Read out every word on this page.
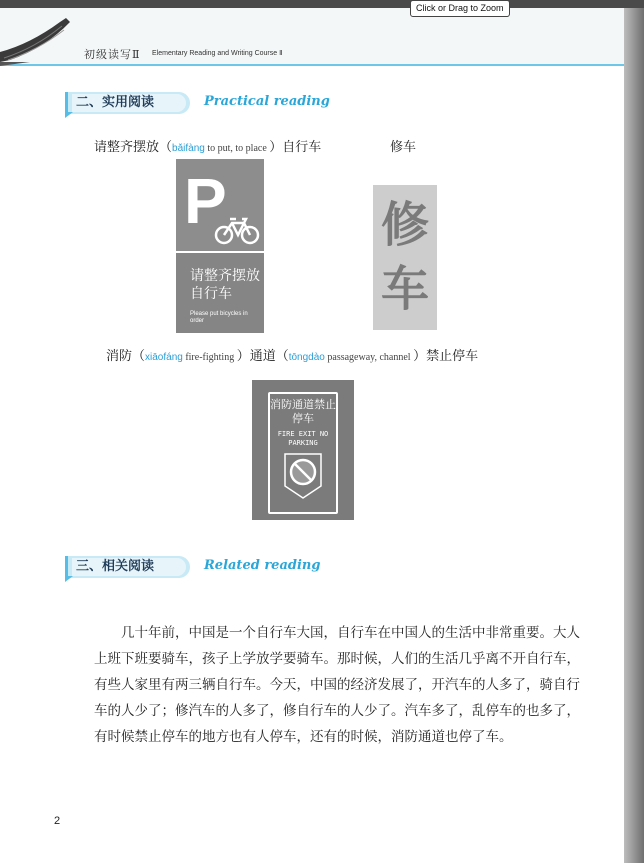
Click or Drag to Zoom
初级读写Ⅱ Elementary Reading and Writing Course Ⅱ
二、实用阅读	Practical reading
请整齐摆放（bǎifàng to put, to place ）自行车	修车
P
请整齐摆放自行车
Please put bicycles in order
修车
消防（xiāofáng fire-fighting ）通道（tōngdào passageway, channel ）禁止停车
消防通道禁止停车
FIRE EXIT NO PARKING
三、相关阅读	Related reading

几十年前，中国是一个自行车大国，自行车在中国人的生活中非常重要。大人上班下班要骑车，孩子上学放学要骑车。那时候，人们的生活几乎离不开自行车，有些人家里有两三辆自行车。今天，中国的经济发展了，开汽车的人多了，骑自行车的人少了；修汽车的人多了，修自行车的人少了。汽车多了，乱停车的也多了，有时候禁止停车的地方也有人停车，还有的时候，消防通道也停了车。

2
